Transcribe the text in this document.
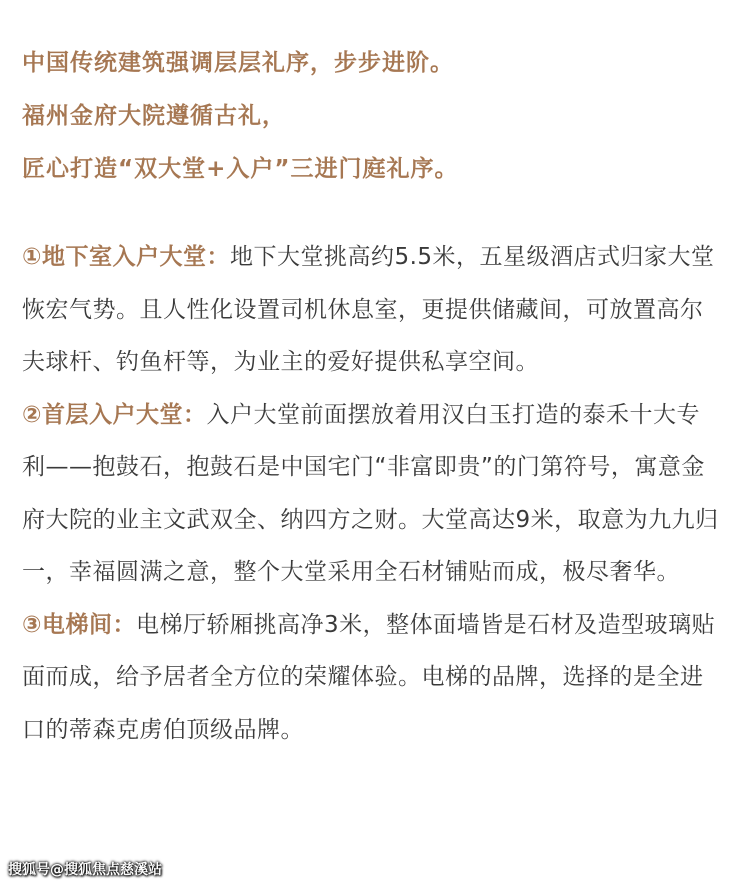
中国传统建筑强调层层礼序，步步进阶。
福州金府大院遵循古礼，
匠心打造“双大堂+入户”三进门庭礼序。

①地下室入户大堂：地下大堂挑高约5.5米，五星级酒店式归家大堂恢宏气势。且人性化设置司机休息室，更提供储藏间，可放置高尔夫球杆、钓鱼杆等，为业主的爱好提供私享空间。

②首层入户大堂：入户大堂前面摆放着用汉白玉打造的泰禾十大专利——抱鼓石，抱鼓石是中国宅门“非富即贵”的门第符号，寓意金府大院的业主文武双全、纳四方之财。大堂高达9米，取意为九九归一，幸福圆满之意，整个大堂采用全石材铺贴而成，极尽奢华。

③电梯间：电梯厅轿厢挑高净3米，整体面墙皆是石材及造型玻璃贴面而成，给予居者全方位的荣耀体验。电梯的品牌，选择的是全进口的蒂森克虏伯顶级品牌。

搜狐号@搜狐焦点慈溪站
